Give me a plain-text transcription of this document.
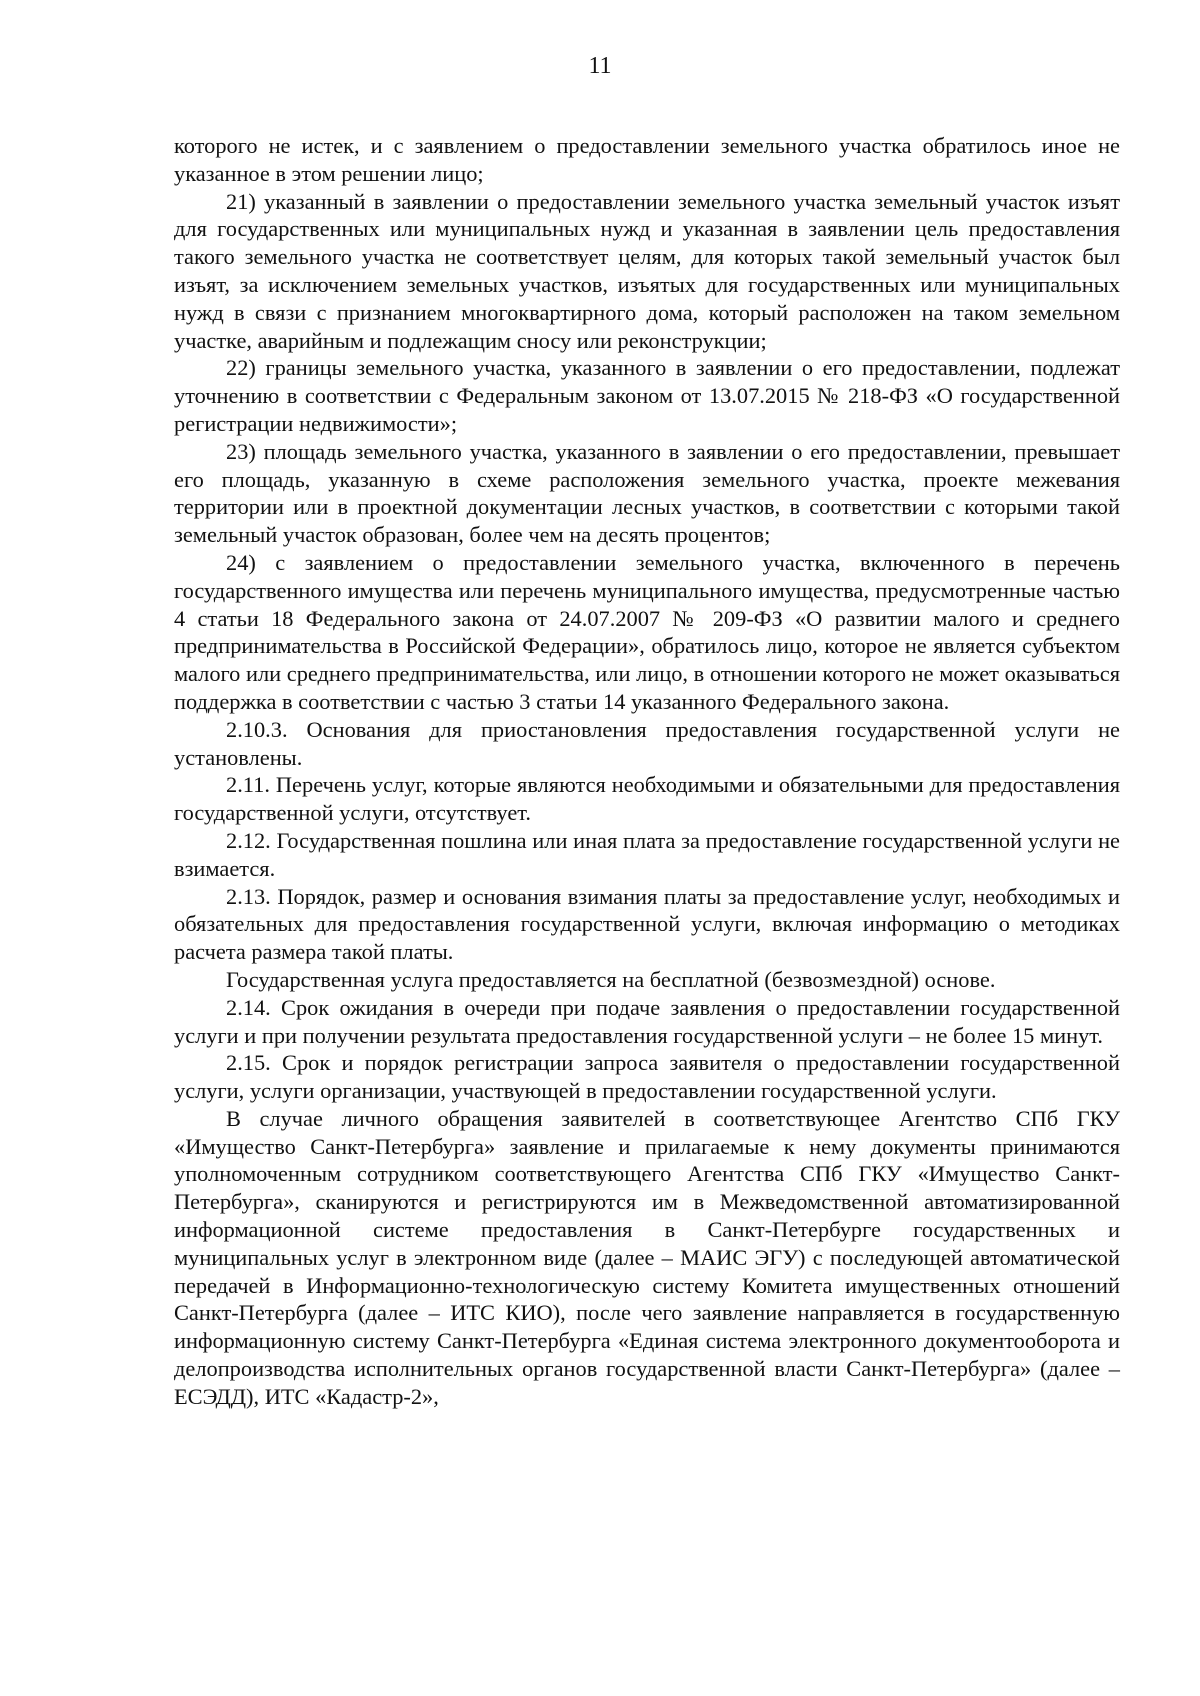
11

которого не истек, и с заявлением о предоставлении земельного участка обратилось иное не указанное в этом решении лицо;

21) указанный в заявлении о предоставлении земельного участка земельный участок изъят для государственных или муниципальных нужд и указанная в заявлении цель предоставления такого земельного участка не соответствует целям, для которых такой земельный участок был изъят, за исключением земельных участков, изъятых для государственных или муниципальных нужд в связи с признанием многоквартирного дома, который расположен на таком земельном участке, аварийным и подлежащим сносу или реконструкции;

22) границы земельного участка, указанного в заявлении о его предоставлении, подлежат уточнению в соответствии с Федеральным законом от 13.07.2015 № 218-ФЗ «О государственной регистрации недвижимости»;

23) площадь земельного участка, указанного в заявлении о его предоставлении, превышает его площадь, указанную в схеме расположения земельного участка, проекте межевания территории или в проектной документации лесных участков, в соответствии с которыми такой земельный участок образован, более чем на десять процентов;

24) с заявлением о предоставлении земельного участка, включенного в перечень государственного имущества или перечень муниципального имущества, предусмотренные частью 4 статьи 18 Федерального закона от 24.07.2007 № 209-ФЗ «О развитии малого и среднего предпринимательства в Российской Федерации», обратилось лицо, которое не является субъектом малого или среднего предпринимательства, или лицо, в отношении которого не может оказываться поддержка в соответствии с частью 3 статьи 14 указанного Федерального закона.

2.10.3. Основания для приостановления предоставления государственной услуги не установлены.

2.11. Перечень услуг, которые являются необходимыми и обязательными для предоставления государственной услуги, отсутствует.

2.12. Государственная пошлина или иная плата за предоставление государственной услуги не взимается.

2.13. Порядок, размер и основания взимания платы за предоставление услуг, необходимых и обязательных для предоставления государственной услуги, включая информацию о методиках расчета размера такой платы.

Государственная услуга предоставляется на бесплатной (безвозмездной) основе.

2.14. Срок ожидания в очереди при подаче заявления о предоставлении государственной услуги и при получении результата предоставления государственной услуги – не более 15 минут.

2.15. Срок и порядок регистрации запроса заявителя о предоставлении государственной услуги, услуги организации, участвующей в предоставлении государственной услуги.

В случае личного обращения заявителей в соответствующее Агентство СПб ГКУ «Имущество Санкт-Петербурга» заявление и прилагаемые к нему документы принимаются уполномоченным сотрудником соответствующего Агентства СПб ГКУ «Имущество Санкт-Петербурга», сканируются и регистрируются им в Межведомственной автоматизированной информационной системе предоставления в Санкт-Петербурге государственных и муниципальных услуг в электронном виде (далее – МАИС ЭГУ) с последующей автоматической передачей в Информационно-технологическую систему Комитета имущественных отношений Санкт-Петербурга (далее – ИТС КИО), после чего заявление направляется в государственную информационную систему Санкт-Петербурга «Единая система электронного документооборота и делопроизводства исполнительных органов государственной власти Санкт-Петербурга» (далее – ЕСЭДД), ИТС «Кадастр-2»,
